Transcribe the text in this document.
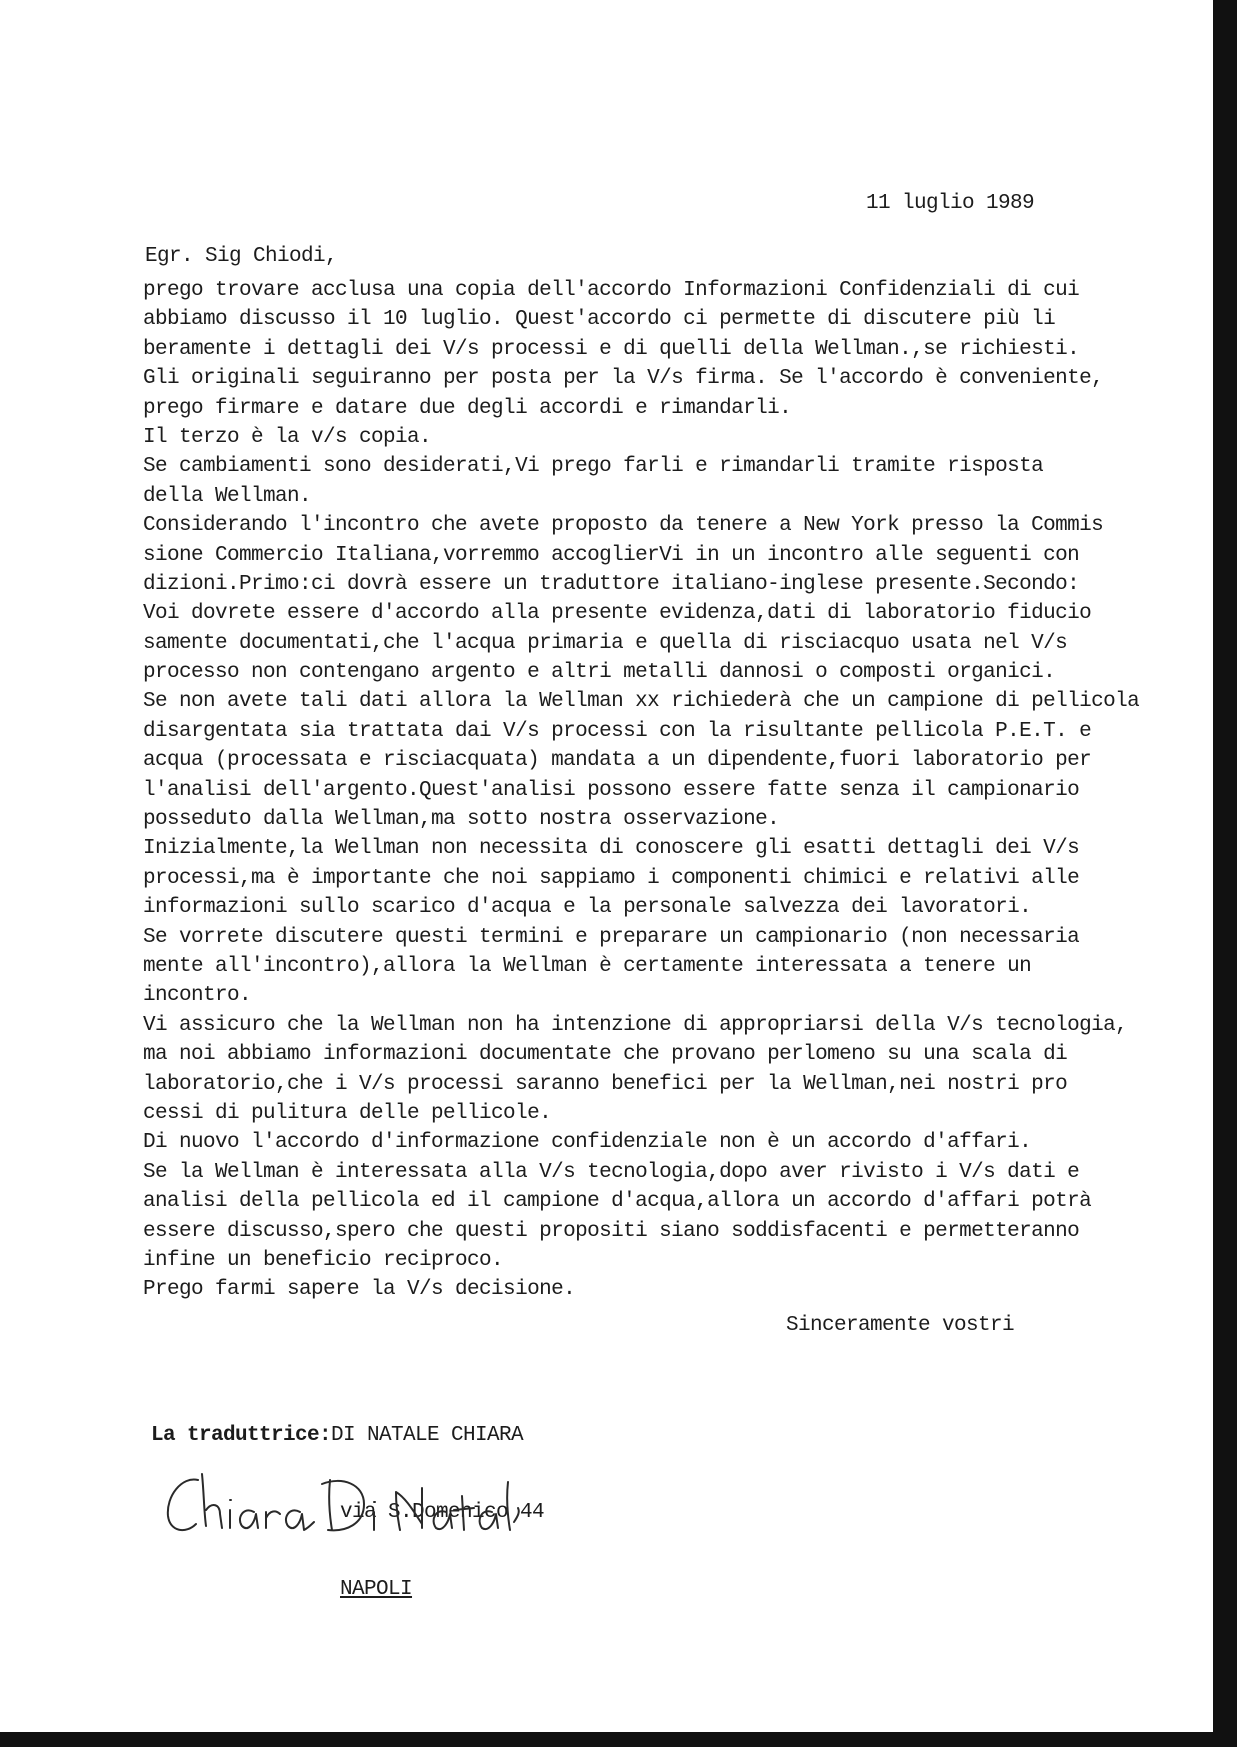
11 luglio 1989
Egr. Sig Chiodi,
prego trovare acclusa una copia dell'accordo Informazioni Confidenziali di cui
abbiamo discusso il 10 luglio. Quest'accordo ci permette di discutere più li
beramente i dettagli dei V/s processi e di quelli della Wellman.,se richiesti.
Gli originali seguiranno per posta per la V/s firma. Se l'accordo è conveniente,
prego firmare e datare due degli accordi e rimandarli.
Il terzo è la v/s copia.
Se cambiamenti sono desiderati,Vi prego farli e rimandarli tramite risposta
della Wellman.
Considerando l'incontro che avete proposto da tenere a New York presso la Commis
sione Commercio Italiana,vorremmo accoglierVi in un incontro alle seguenti con
dizioni.Primo:ci dovrà essere un traduttore italiano-inglese presente.Secondo:
Voi dovrete essere d'accordo alla presente evidenza,dati di laboratorio fiducio
samente documentati,che l'acqua primaria e quella di risciacquo usata nel V/s
processo non contengano argento e altri metalli dannosi o composti organici.
Se non avete tali dati allora la Wellman xx richiederà che un campione di pellicola
disargentata sia trattata dai V/s processi con la risultante pellicola P.E.T. e
acqua (processata e risciacquata) mandata a un dipendente,fuori laboratorio per
l'analisi dell'argento.Quest'analisi possono essere fatte senza il campionario
posseduto dalla Wellman,ma sotto nostra osservazione.
Inizialmente,la Wellman non necessita di conoscere gli esatti dettagli dei V/s
processi,ma è importante che noi sappiamo i componenti chimici e relativi alle
informazioni sullo scarico d'acqua e la personale salvezza dei lavoratori.
Se vorrete discutere questi termini e preparare un campionario (non necessaria
mente all'incontro),allora la Wellman è certamente interessata a tenere un
incontro.
Vi assicuro che la Wellman non ha intenzione di appropriarsi della V/s tecnologia,
ma noi abbiamo informazioni documentate che provano perlomeno su una scala di
laboratorio,che i V/s processi saranno benefici per la Wellman,nei nostri pro
cessi di pulitura delle pellicole.
Di nuovo l'accordo d'informazione confidenziale non è un accordo d'affari.
Se la Wellman è interessata alla V/s tecnologia,dopo aver rivisto i V/s dati e
analisi della pellicola ed il campione d'acqua,allora un accordo d'affari potrà
essere discusso,spero che questi propositi siano soddisfacenti e permetteranno
infine un beneficio reciproco.
Prego farmi sapere la V/s decisione.
Sinceramente vostri

La traduttrice:DI NATALE CHIARA

via S.Domenico 44

NAPOLI
